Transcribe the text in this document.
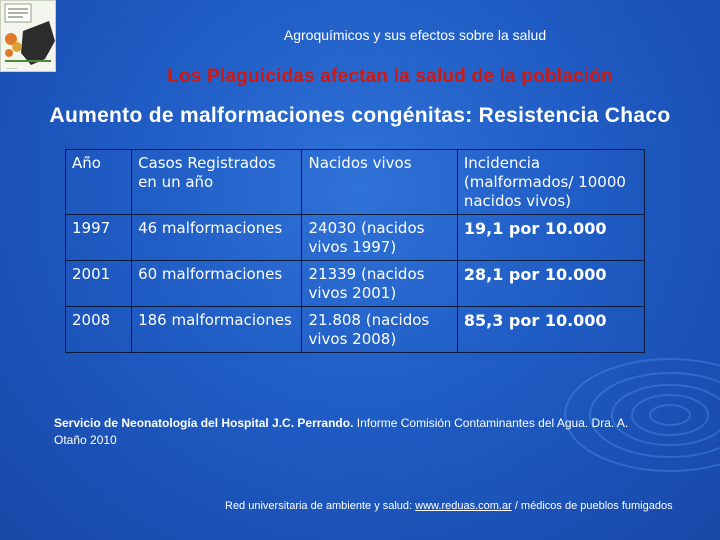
········
Agroquímicos y sus efectos sobre la salud
Los Plaguicidas afectan la salud de la población
Aumento de malformaciones congénitas: Resistencia Chaco
Año	Casos Registrados en un año	Nacidos vivos	Incidencia (malformados/ 10000 nacidos vivos)
1997	46 malformaciones	24030 (nacidos vivos 1997)	19,1 por 10.000
2001	60 malformaciones	21339 (nacidos vivos 2001)	28,1 por 10.000
2008	186 malformaciones	21.808 (nacidos vivos 2008)	85,3 por 10.000
Servicio de Neonatología del Hospital J.C. Perrando. Informe Comisión Contaminantes del Agua. Dra. A. Otaño 2010
Red universitaria de ambiente y salud: www.reduas.com.ar / médicos de pueblos fumigados
